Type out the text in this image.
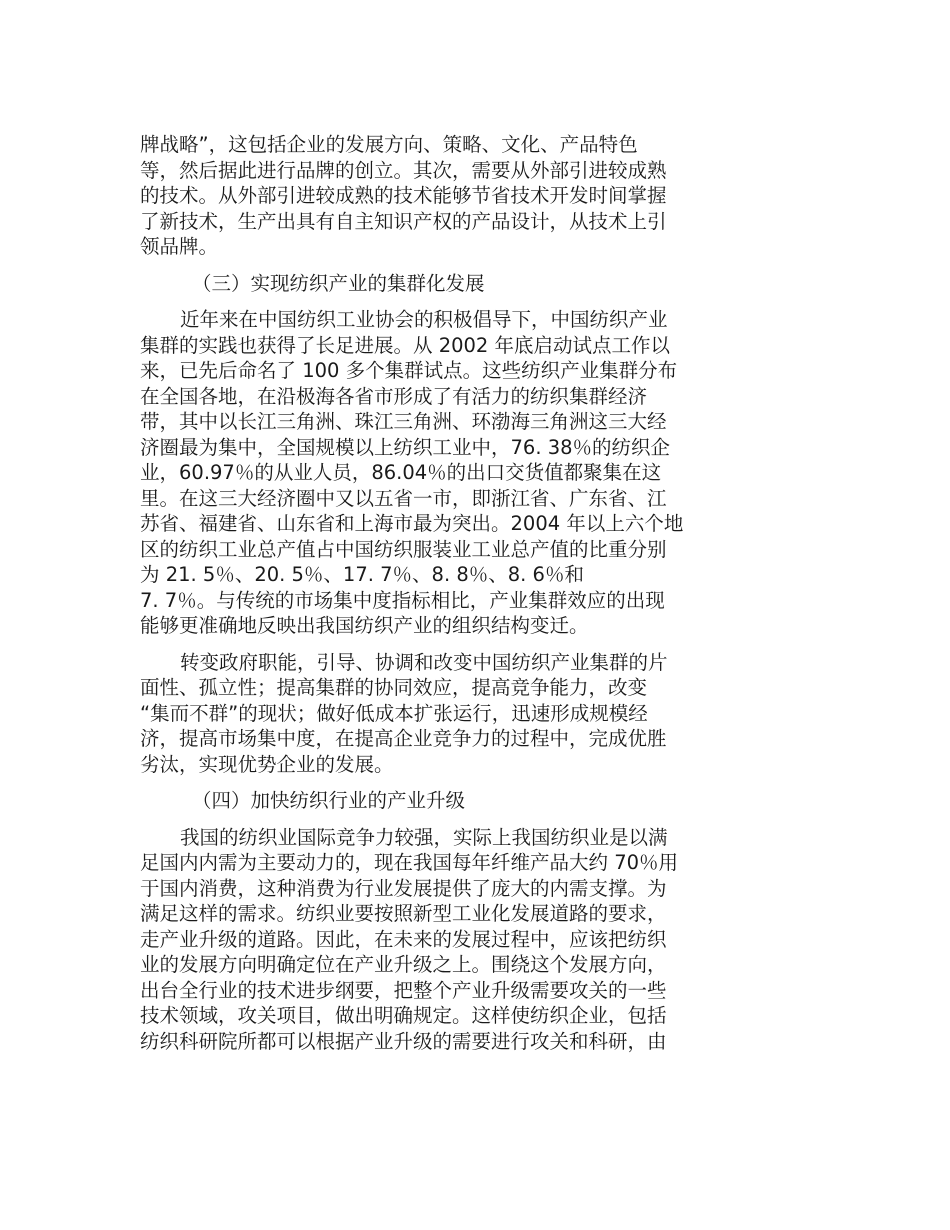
牌战略”，这包括企业的发展方向、策略、文化、产品特色
等，然后据此进行品牌的创立。其次，需要从外部引进较成熟
的技术。从外部引进较成熟的技术能够节省技术开发时间掌握
了新技术，生产出具有自主知识产权的产品设计，从技术上引
领品牌。

（三）实现纺织产业的集群化发展

近年来在中国纺织工业协会的积极倡导下，中国纺织产业
集群的实践也获得了长足进展。从 2002 年底启动试点工作以
来，已先后命名了 100 多个集群试点。这些纺织产业集群分布
在全国各地，在沿极海各省市形成了有活力的纺织集群经济
带，其中以长江三角洲、珠江三角洲、环渤海三角洲这三大经
济圈最为集中，全国规模以上纺织工业中，76. 38％的纺织企
业，60.97％的从业人员，86.04％的出口交货值都聚集在这
里。在这三大经济圈中又以五省一市，即浙江省、广东省、江
苏省、福建省、山东省和上海市最为突出。2004 年以上六个地
区的纺织工业总产值占中国纺织服装业工业总产值的比重分别
为 21. 5％、20. 5％、17. 7％、8. 8％、8. 6％和
7. 7％。与传统的市场集中度指标相比，产业集群效应的出现
能够更准确地反映出我国纺织产业的组织结构变迁。

转变政府职能，引导、协调和改变中国纺织产业集群的片
面性、孤立性；提高集群的协同效应，提高竞争能力，改变
“集而不群”的现状；做好低成本扩张运行，迅速形成规模经
济，提高市场集中度，在提高企业竞争力的过程中，完成优胜
劣汰，实现优势企业的发展。

（四）加快纺织行业的产业升级

我国的纺织业国际竞争力较强，实际上我国纺织业是以满
足国内内需为主要动力的，现在我国每年纤维产品大约 70％用
于国内消费，这种消费为行业发展提供了庞大的内需支撑。为
满足这样的需求。纺织业要按照新型工业化发展道路的要求，
走产业升级的道路。因此，在未来的发展过程中，应该把纺织
业的发展方向明确定位在产业升级之上。围绕这个发展方向，
出台全行业的技术进步纲要，把整个产业升级需要攻关的一些
技术领域，攻关项目，做出明确规定。这样使纺织企业，包括
纺织科研院所都可以根据产业升级的需要进行攻关和科研，由
